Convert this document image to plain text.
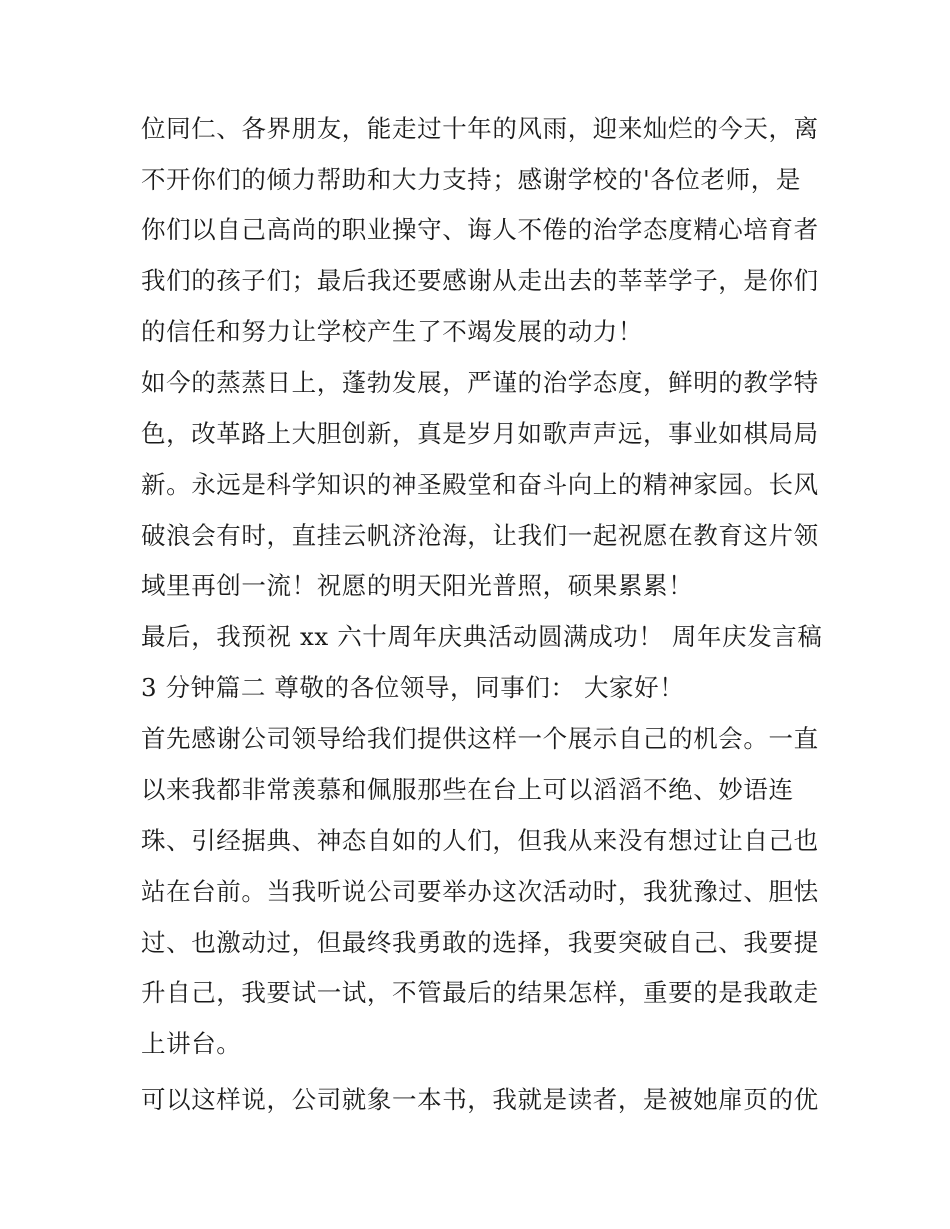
位同仁、各界朋友，能走过十年的风雨，迎来灿烂的今天，离
不开你们的倾力帮助和大力支持；感谢学校的'各位老师，是
你们以自己高尚的职业操守、诲人不倦的治学态度精心培育者
我们的孩子们；最后我还要感谢从走出去的莘莘学子，是你们
的信任和努力让学校产生了不竭发展的动力！
如今的蒸蒸日上，蓬勃发展，严谨的治学态度，鲜明的教学特
色，改革路上大胆创新，真是岁月如歌声声远，事业如棋局局
新。永远是科学知识的神圣殿堂和奋斗向上的精神家园。长风
破浪会有时，直挂云帆济沧海，让我们一起祝愿在教育这片领
域里再创一流！祝愿的明天阳光普照，硕果累累！
最后，我预祝 xx 六十周年庆典活动圆满成功！ 周年庆发言稿
3 分钟篇二 尊敬的各位领导，同事们： 大家好！
首先感谢公司领导给我们提供这样一个展示自己的机会。一直
以来我都非常羡慕和佩服那些在台上可以滔滔不绝、妙语连
珠、引经据典、神态自如的人们，但我从来没有想过让自己也
站在台前。当我听说公司要举办这次活动时，我犹豫过、胆怯
过、也激动过，但最终我勇敢的选择，我要突破自己、我要提
升自己，我要试一试，不管最后的结果怎样，重要的是我敢走
上讲台。
可以这样说，公司就象一本书，我就是读者，是被她扉页的优
